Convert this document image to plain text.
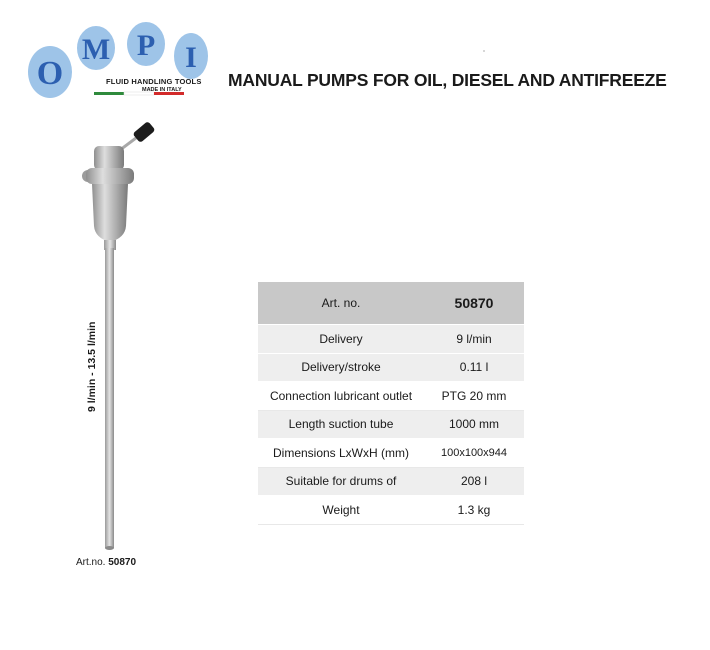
O
M P I
FLUID HANDLING TOOLS
MADE IN ITALY	MANUAL PUMPS FOR OIL, DIESEL AND ANTIFREEZE
9 l/min - 13.5 l/min
Art.no. 50870
Art. no.	50870
Delivery	9 l/min
Delivery/stroke	0.11 l
Connection lubricant outlet	PTG 20 mm
Length suction tube	1000 mm
Dimensions LxWxH (mm)	100x100x944
Suitable for drums of	208 l
Weight	1.3 kg
